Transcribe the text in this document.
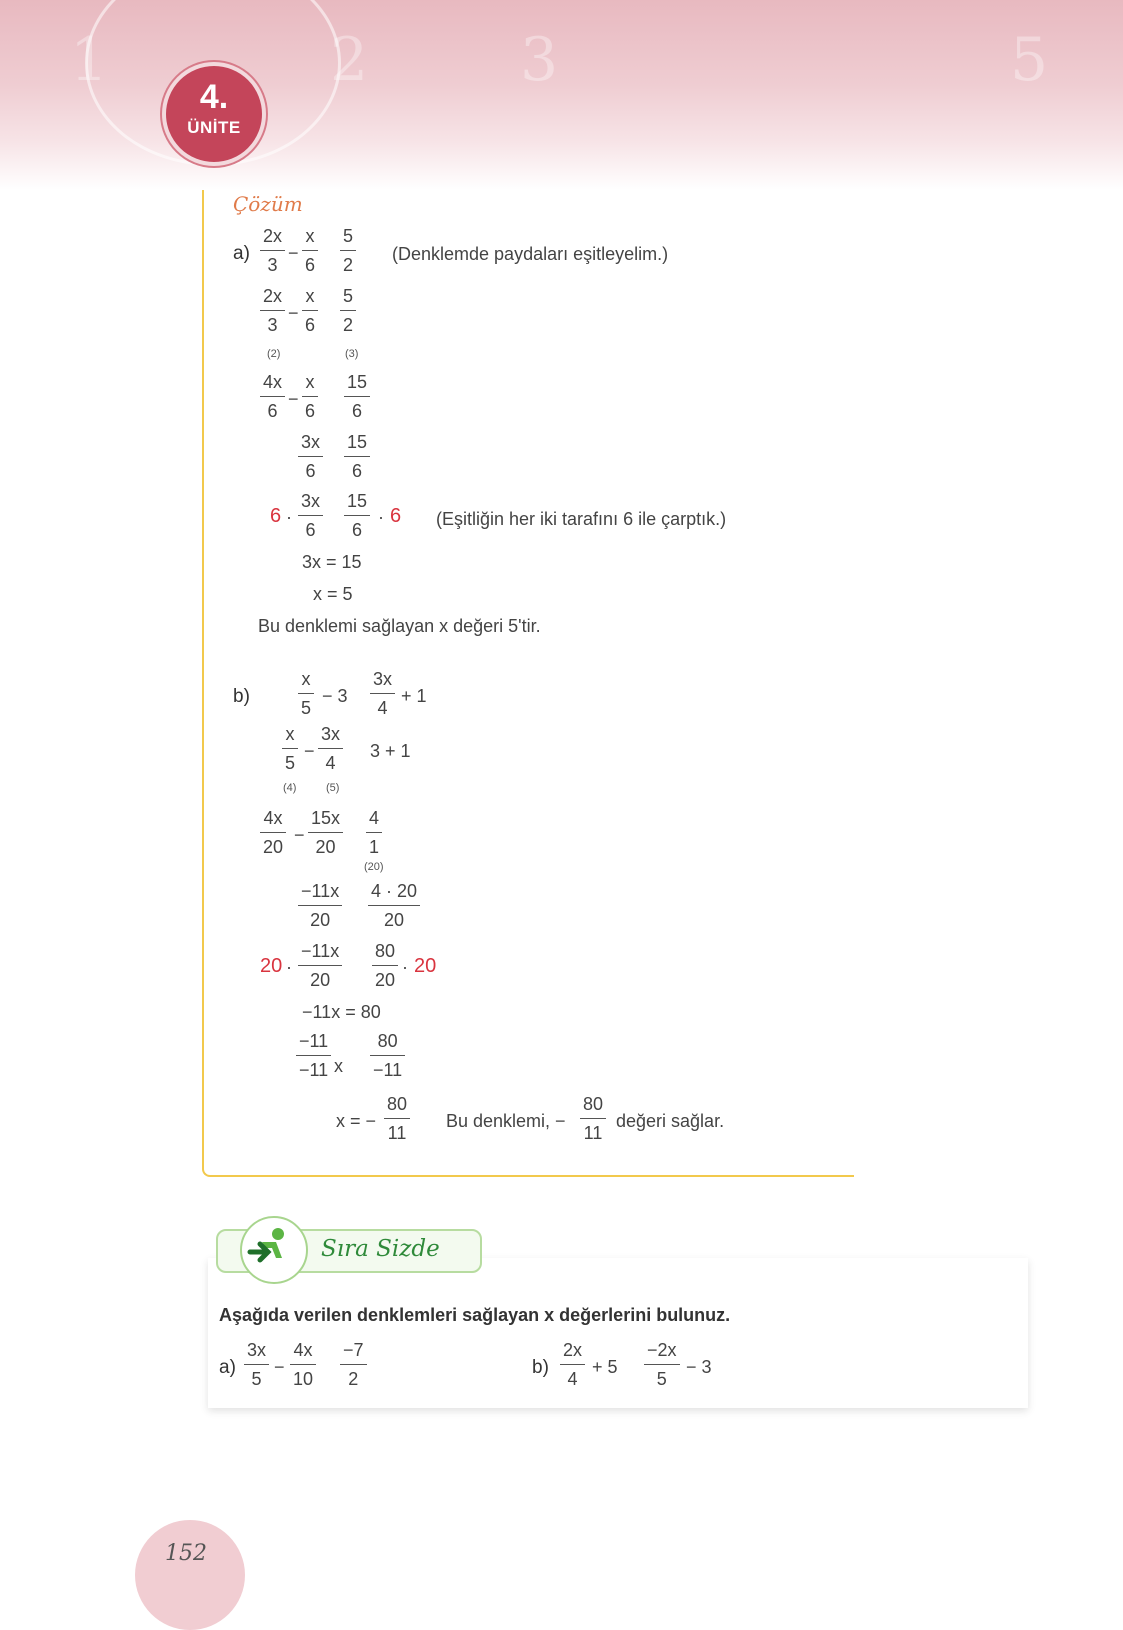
1	2	3	5
4.
ÜNİTE
Çözüm
a)
2x
3
−
x
6
5
2
(Denklemde paydaları eşitleyelim.)
2x
3
−
x
6
5
2
(2)	(3)
4x
6
−
x
6
15
6
3x
6
15
6
6 ·
3x
6
15
6
· 6 (Eşitliğin her iki tarafını 6 ile çarptık.)
3x = 15
x = 5
Bu denklemi sağlayan x değeri 5'tir.
b)
x
5
− 3
3x
4
+ 1
x
5
−
3x
4
3 + 1
(4)	(5)
4x
20
−
15x
20
4
1
(20)
−11x
20
4 · 20
20
20 ·
−11x
20
80
20
· 20
−11x = 80
−11
−11 x
80
−11
x = −
80
11
Bu denklemi, −
80
11
değeri sağlar.
Sıra Sizde
Aşağıda verilen denklemleri sağlayan x değerlerini bulunuz.
a)
3x
5
−
4x
10
−7
2
b)
2x
4
+ 5
−2x
5
− 3
152
